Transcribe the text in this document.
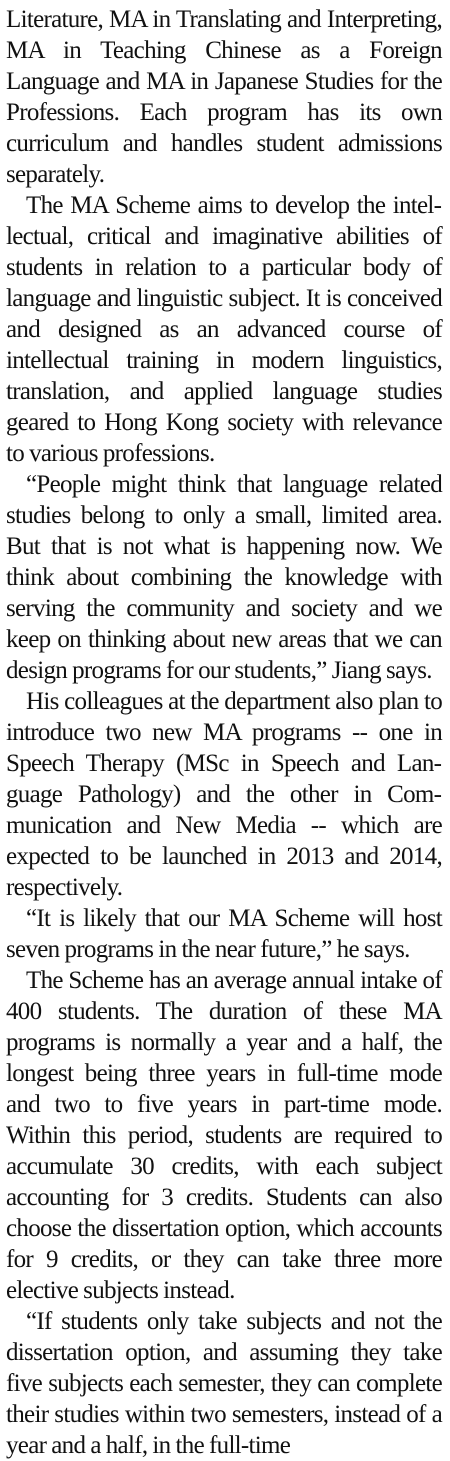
Literature, MA in Translating and Interpreting, MA in Teaching Chinese as a Foreign Language and MA in Japanese Studies for the Professions. Each program has its own curriculum and handles student admissions separately.

The MA Scheme aims to develop the intellectual, critical and imaginative abilities of students in relation to a particular body of language and linguistic subject. It is conceived and designed as an advanced course of intellectual training in modern linguistics, translation, and applied language studies geared to Hong Kong society with relevance to various professions.

“People might think that language related studies belong to only a small, limited area. But that is not what is happening now. We think about combining the knowledge with serving the community and society and we keep on thinking about new areas that we can design programs for our students,” Jiang says.

His colleagues at the department also plan to introduce two new MA programs -- one in Speech Therapy (MSc in Speech and Language Pathology) and the other in Communication and New Media -- which are expected to be launched in 2013 and 2014, respectively.

“It is likely that our MA Scheme will host seven programs in the near future,” he says.

The Scheme has an average annual intake of 400 students. The duration of these MA programs is normally a year and a half, the longest being three years in full-time mode and two to five years in part-time mode. Within this period, students are required to accumulate 30 credits, with each subject accounting for 3 credits. Students can also choose the dissertation option, which accounts for 9 credits, or they can take three more elective subjects instead.

“If students only take subjects and not the dissertation option, and assuming they take five subjects each semester, they can complete their studies within two semesters, instead of a year and a half, in the full-time
